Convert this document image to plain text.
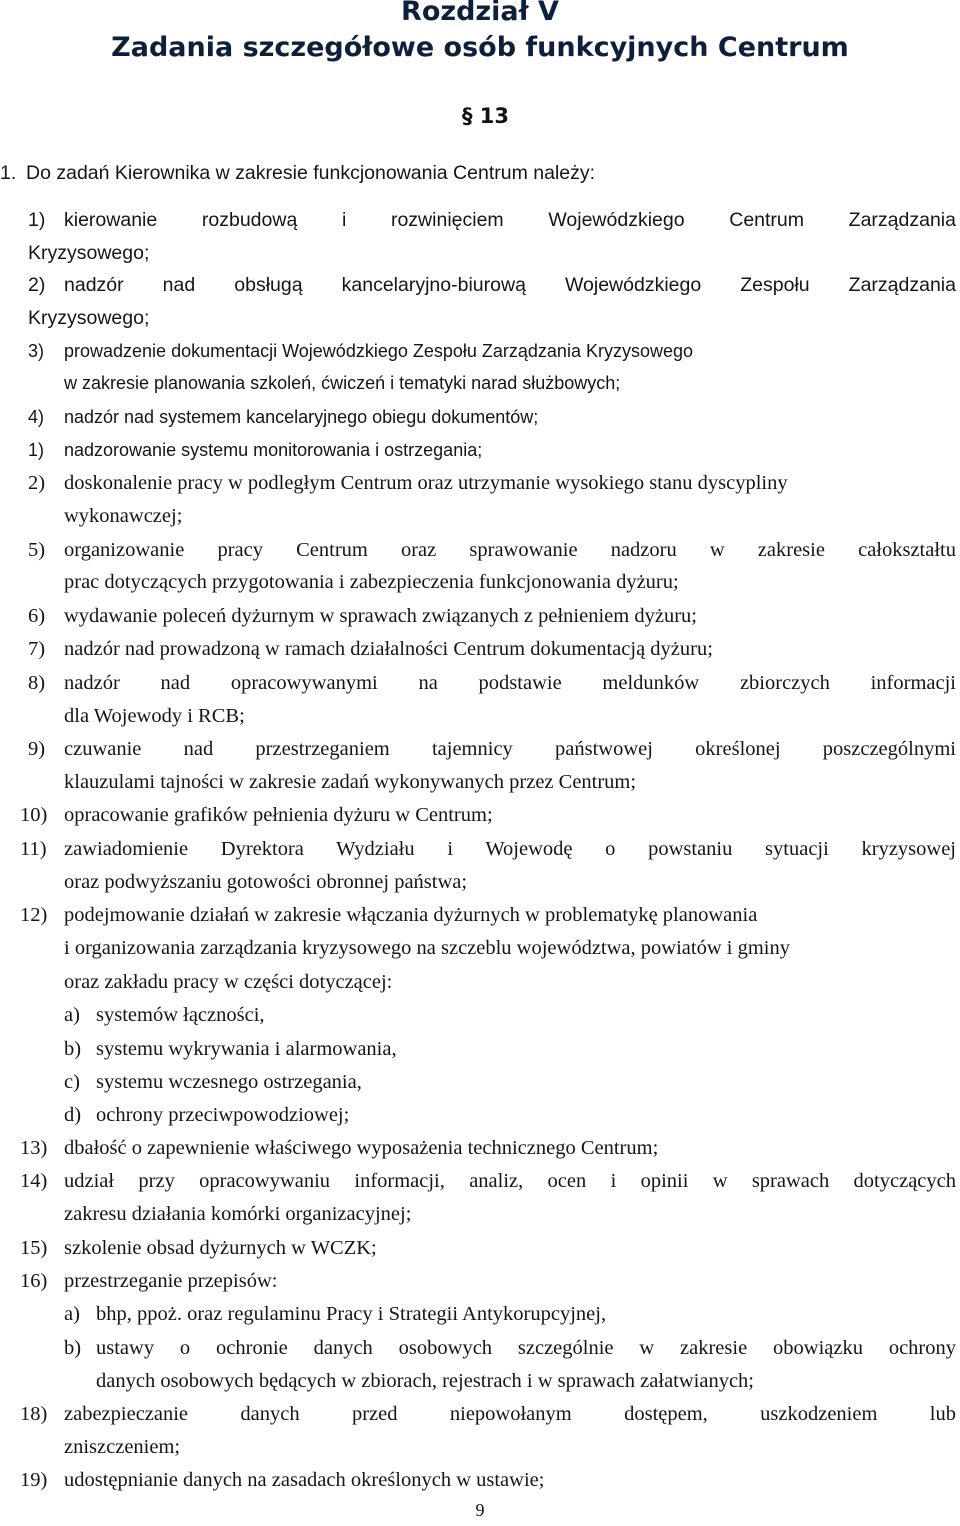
Rozdział V
Zadania szczegółowe osób funkcyjnych Centrum
§ 13
1. Do zadań Kierownika w zakresie funkcjonowania Centrum należy:
1) kierowanie rozbudową i rozwinięciem Wojewódzkiego Centrum Zarządzania
Kryzysowego;
2) nadzór nad obsługą kancelaryjno-biurową Wojewódzkiego Zespołu Zarządzania
Kryzysowego;
3) prowadzenie dokumentacji Wojewódzkiego Zespołu Zarządzania Kryzysowego
w zakresie planowania szkoleń, ćwiczeń i tematyki narad służbowych;
4) nadzór nad systemem kancelaryjnego obiegu dokumentów;
1) nadzorowanie systemu monitorowania i ostrzegania;
2) doskonalenie pracy w podległym Centrum oraz utrzymanie wysokiego stanu dyscypliny
wykonawczej;
5) organizowanie pracy Centrum oraz sprawowanie nadzoru w zakresie całokształtu
prac dotyczących przygotowania i zabezpieczenia funkcjonowania dyżuru;
6) wydawanie poleceń dyżurnym w sprawach związanych z pełnieniem dyżuru;
7) nadzór nad prowadzoną w ramach działalności Centrum dokumentacją dyżuru;
8) nadzór nad opracowywanymi na podstawie meldunków zbiorczych informacji
dla Wojewody i RCB;
9) czuwanie nad przestrzeganiem tajemnicy państwowej określonej poszczególnymi
klauzulami tajności w zakresie zadań wykonywanych przez Centrum;
10) opracowanie grafików pełnienia dyżuru w Centrum;
11) zawiadomienie Dyrektora Wydziału i Wojewodę o powstaniu sytuacji kryzysowej
oraz podwyższaniu gotowości obronnej państwa;
12) podejmowanie działań w zakresie włączania dyżurnych w problematykę planowania
i organizowania zarządzania kryzysowego na szczeblu województwa, powiatów i gminy
oraz zakładu pracy w części dotyczącej:
a) systemów łączności,
b) systemu wykrywania i alarmowania,
c) systemu wczesnego ostrzegania,
d) ochrony przeciwpowodziowej;
13) dbałość o zapewnienie właściwego wyposażenia technicznego Centrum;
14) udział przy opracowywaniu informacji, analiz, ocen i opinii w sprawach dotyczących
zakresu działania komórki organizacyjnej;
15) szkolenie obsad dyżurnych w WCZK;
16) przestrzeganie przepisów:
a) bhp, ppoż. oraz regulaminu Pracy i Strategii Antykorupcyjnej,
b) ustawy o ochronie danych osobowych szczególnie w zakresie obowiązku ochrony
danych osobowych będących w zbiorach, rejestrach i w sprawach załatwianych;
18) zabezpieczanie danych przed niepowołanym dostępem, uszkodzeniem lub
zniszczeniem;
19) udostępnianie danych na zasadach określonych w ustawie;
9
